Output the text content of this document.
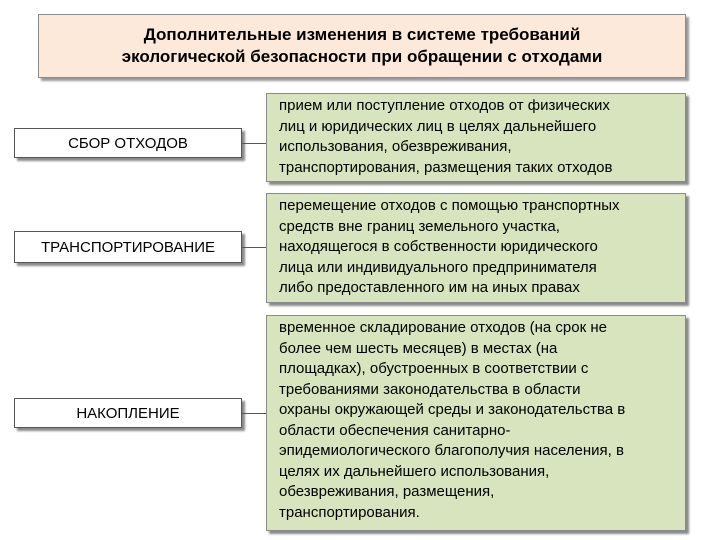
Дополнительные изменения в системе требований
экологической безопасности при обращении с отходами
СБОР ОТХОДОВ
прием или поступление отходов от физических
лиц и юридических лиц в целях дальнейшего
использования, обезвреживания,
транспортирования, размещения таких отходов
ТРАНСПОРТИРОВАНИЕ
перемещение отходов с помощью транспортных
средств вне границ земельного участка,
находящегося в собственности юридического
лица или индивидуального предпринимателя
либо предоставленного им на иных правах
НАКОПЛЕНИЕ
временное складирование отходов (на срок не
более чем шесть месяцев) в местах (на
площадках), обустроенных в соответствии с
требованиями законодательства в области
охраны окружающей среды и законодательства в
области обеспечения санитарно-
эпидемиологического благополучия населения, в
целях их дальнейшего использования,
обезвреживания, размещения,
транспортирования.
